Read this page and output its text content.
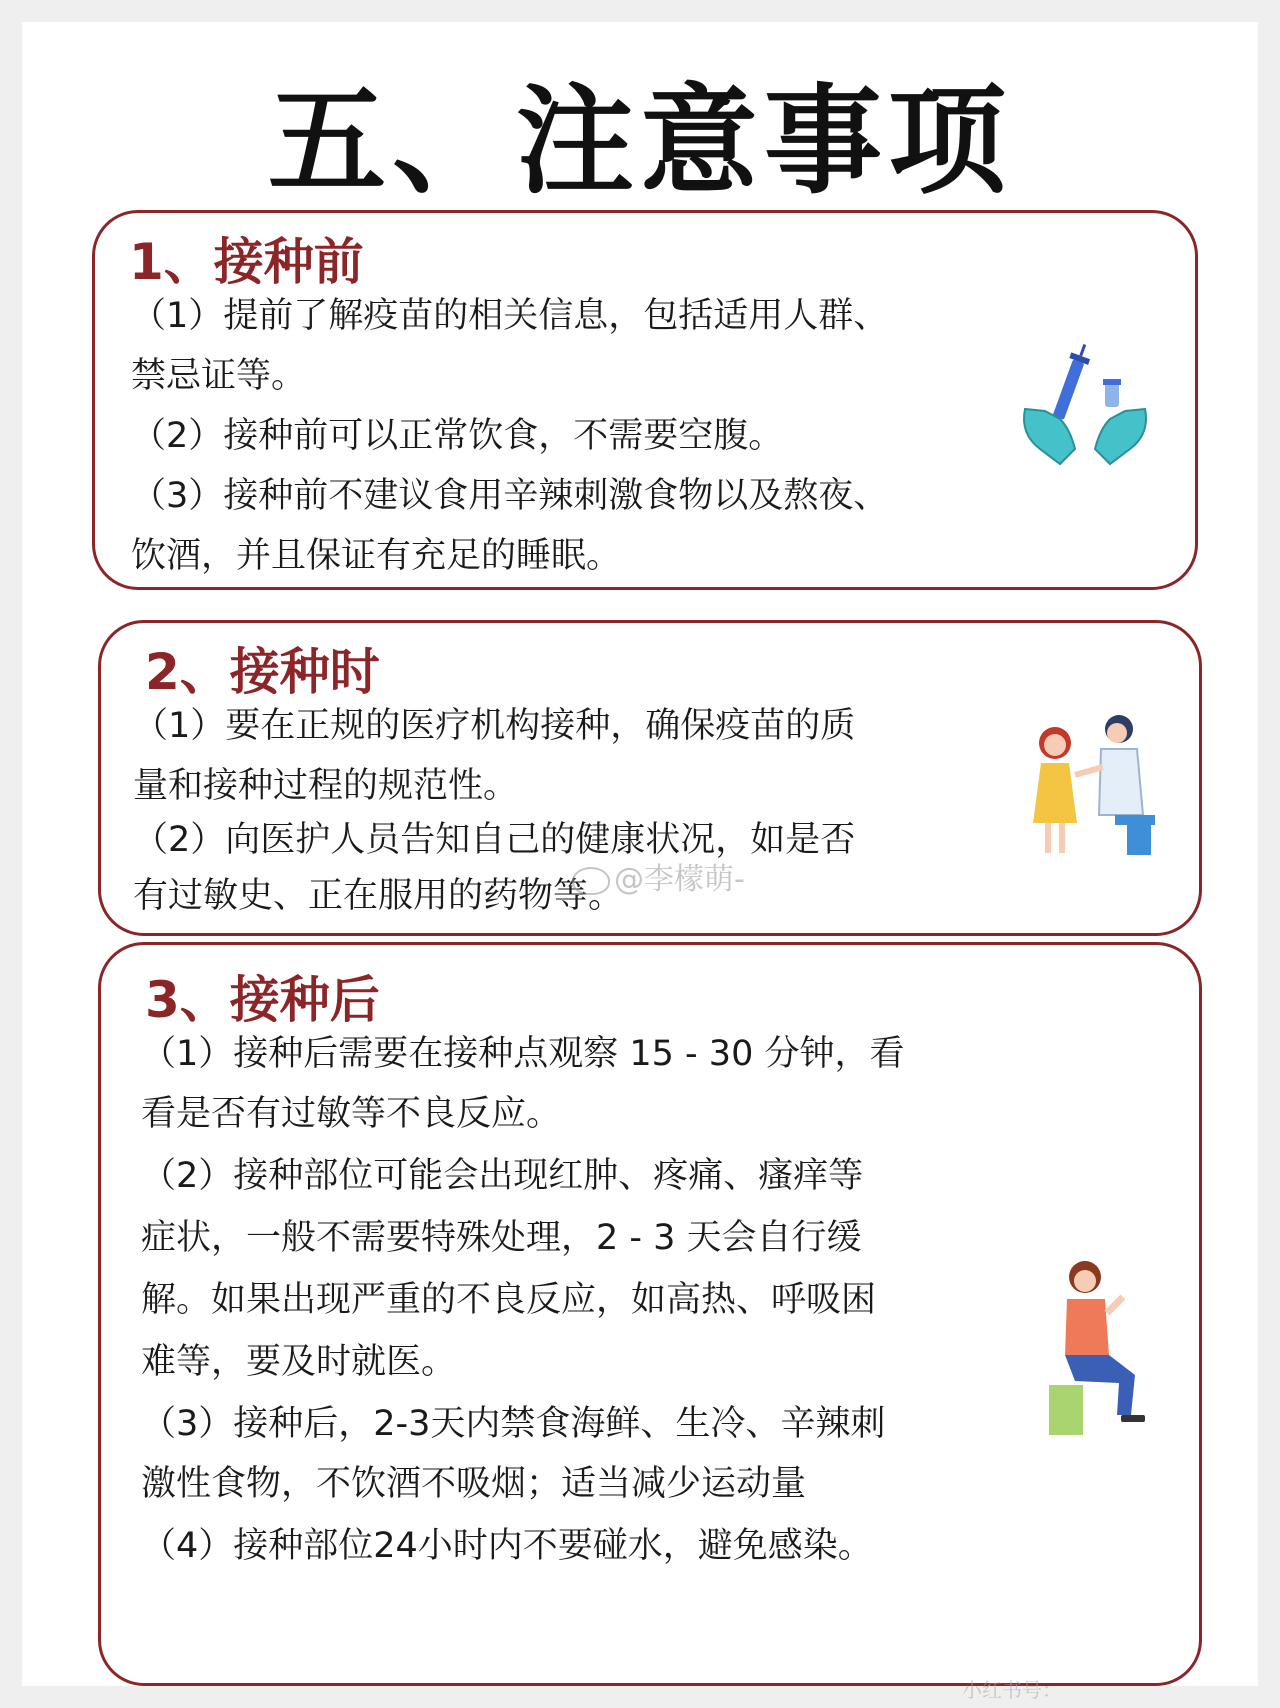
五、注意事项
1、接种前

（1）提前了解疫苗的相关信息，包括适用人群、

禁忌证等。

（2）接种前可以正常饮食，不需要空腹。

（3）接种前不建议食用辛辣刺激食物以及熬夜、

饮酒，并且保证有充足的睡眠。

2、接种时

（1）要在正规的医疗机构接种，确保疫苗的质

量和接种过程的规范性。

（2）向医护人员告知自己的健康状况，如是否

有过敏史、正在服用的药物等。

3、接种后

（1）接种后需要在接种点观察 15 - 30 分钟，看

看是否有过敏等不良反应。

（2）接种部位可能会出现红肿、疼痛、瘙痒等

症状，一般不需要特殊处理，2 - 3 天会自行缓

解。如果出现严重的不良反应，如高热、呼吸困

难等，要及时就医。

（3）接种后，2-3天内禁食海鲜、生冷、辛辣刺

激性食物，不饮酒不吸烟；适当减少运动量

（4）接种部位24小时内不要碰水，避免感染。

@李檬萌-
小红书号：
